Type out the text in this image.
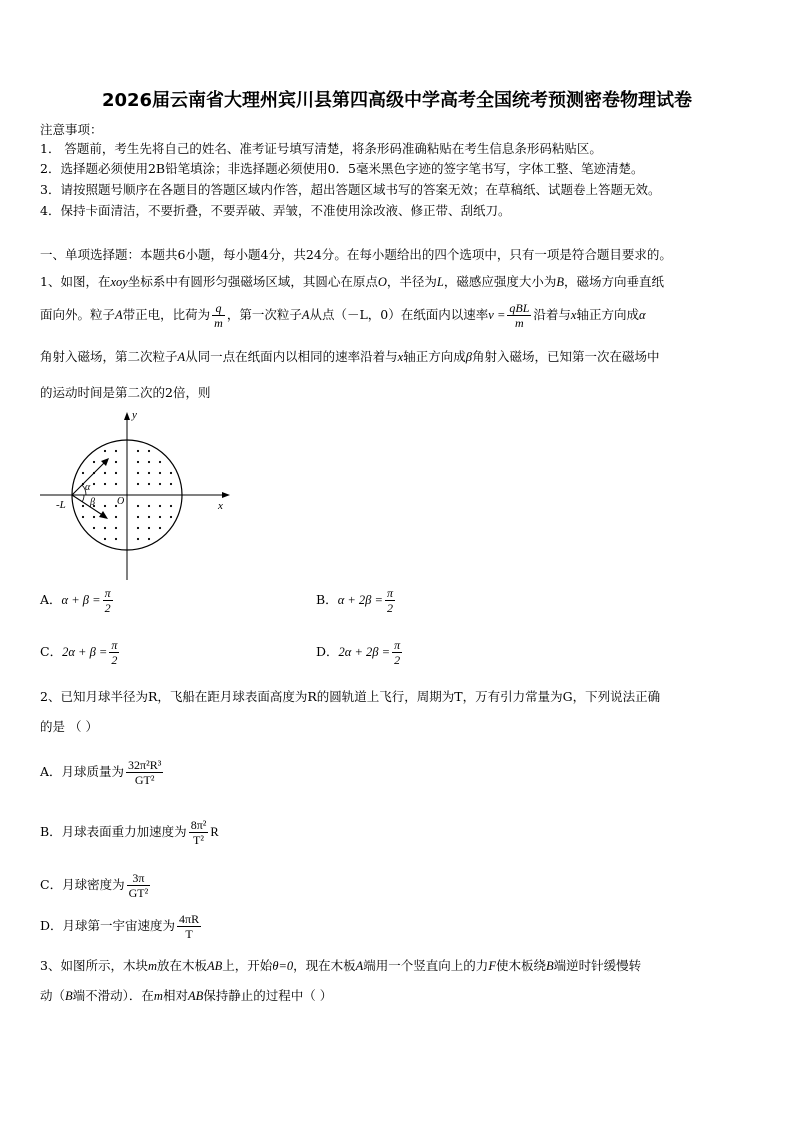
2026届云南省大理州宾川县第四高级中学高考全国统考预测密卷物理试卷
注意事项：
1． 答题前，考生先将自己的姓名、准考证号填写清楚，将条形码准确粘贴在考生信息条形码粘贴区。
2．选择题必须使用2B铅笔填涂；非选择题必须使用0．5毫米黑色字迹的签字笔书写，字体工整、笔迹清楚。
3．请按照题号顺序在各题目的答题区域内作答，超出答题区域书写的答案无效；在草稿纸、试题卷上答题无效。
4．保持卡面清洁，不要折叠，不要弄破、弄皱，不准使用涂改液、修正带、刮纸刀。
一、单项选择题：本题共6小题，每小题4分，共24分。在每小题给出的四个选项中，只有一项是符合题目要求的。
1、如图，在xoy坐标系中有圆形匀强磁场区域，其圆心在原点O，半径为L，磁感应强度大小为B，磁场方向垂直纸
面向外。粒子A带正电，比荷为 $\frac{q}{m}$ ，第一次粒子A从点（－L，0）在纸面内以速率$v = \frac{\text{qBL}}{m}$ 沿着与x轴正方向成α
角射入磁场，第二次粒子A从同一点在纸面内以相同的速率沿着与x轴正方向成β角射入磁场，已知第一次在磁场中
的运动时间是第二次的2倍，则
y
x
O
-L
α
β
A．$\alpha + \beta = \frac{\pi}{2}$	B．$\alpha + 2\beta = \frac{\pi}{2}$
C．$2\alpha + \beta = \frac{\pi}{2}$	D．$2\alpha + 2\beta = \frac{\pi}{2}$
2、已知月球半径为R，飞船在距月球表面高度为R的圆轨道上飞行，周期为T，万有引力常量为G，下列说法正确
的是 （ ）
A．月球质量为 $\frac{\text{32π²R³}}{\text{GT²}}$
B．月球表面重力加速度为 $\frac{\text{8π²}}{\text{T²}}$ R
C．月球密度为 $\frac{3\pi}{\text{GT²}}$
D．月球第一宇宙速度为 $\frac{4\pi R}{T}$
3、如图所示，木块m放在木板AB上，开始θ=0，现在木板A端用一个竖直向上的力F使木板绕B端逆时针缓慢转
动（B端不滑动）．在m相对AB保持静止的过程中（ ）
